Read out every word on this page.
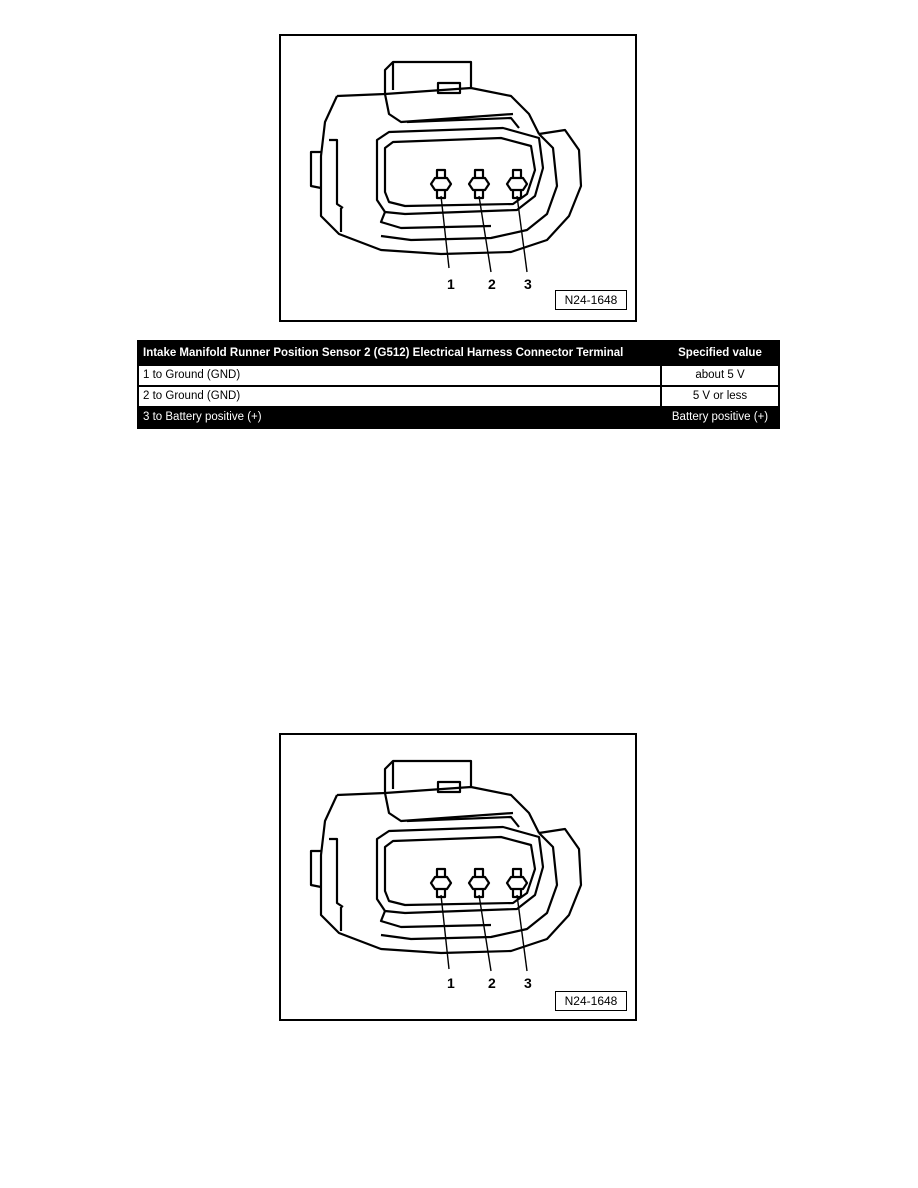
1 2 3
N24-1648
Intake Manifold Runner Position Sensor 2 (G512) Electrical Harness Connector Terminal	Specified value
1 to Ground (GND)	about 5 V
2 to Ground (GND)	5 V or less
3 to Battery positive (+)	Battery positive (+)
1 2 3
N24-1648
